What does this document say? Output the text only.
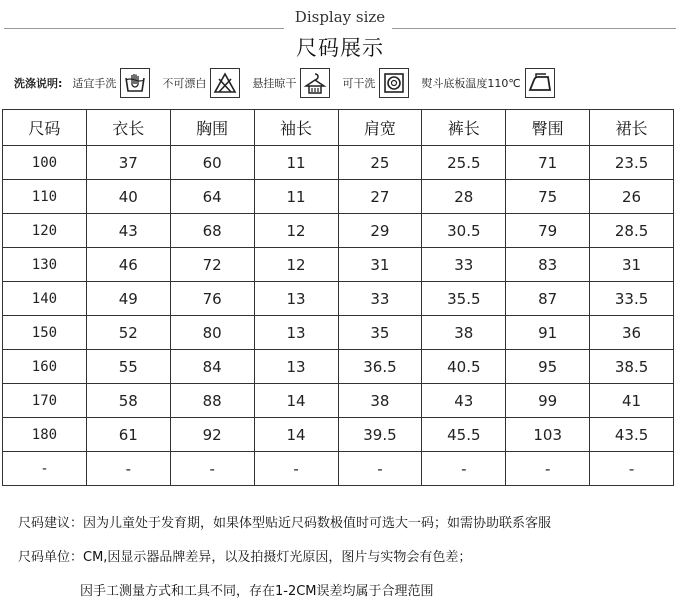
Display size
尺码展示
洗涤说明: 适宜手洗	不可漂白	悬挂晾干	可干洗	熨斗底板温度110℃
尺码	衣长	胸围	袖长	肩宽	裤长	臀围	裙长
100	37	60	11	25	25.5	71	23.5
110	40	64	11	27	28	75	26
120	43	68	12	29	30.5	79	28.5
130	46	72	12	31	33	83	31
140	49	76	13	33	35.5	87	33.5
150	52	80	13	35	38	91	36
160	55	84	13	36.5	40.5	95	38.5
170	58	88	14	38	43	99	41
180	61	92	14	39.5	45.5	103	43.5
-	-	-	-	-	-	-	-
尺码建议：因为儿童处于发育期，如果体型贴近尺码数极值时可选大一码；如需协助联系客服
尺码单位：CM,因显示器品牌差异，以及拍摄灯光原因，图片与实物会有色差；
因手工测量方式和工具不同，存在1-2CM误差均属于合理范围
